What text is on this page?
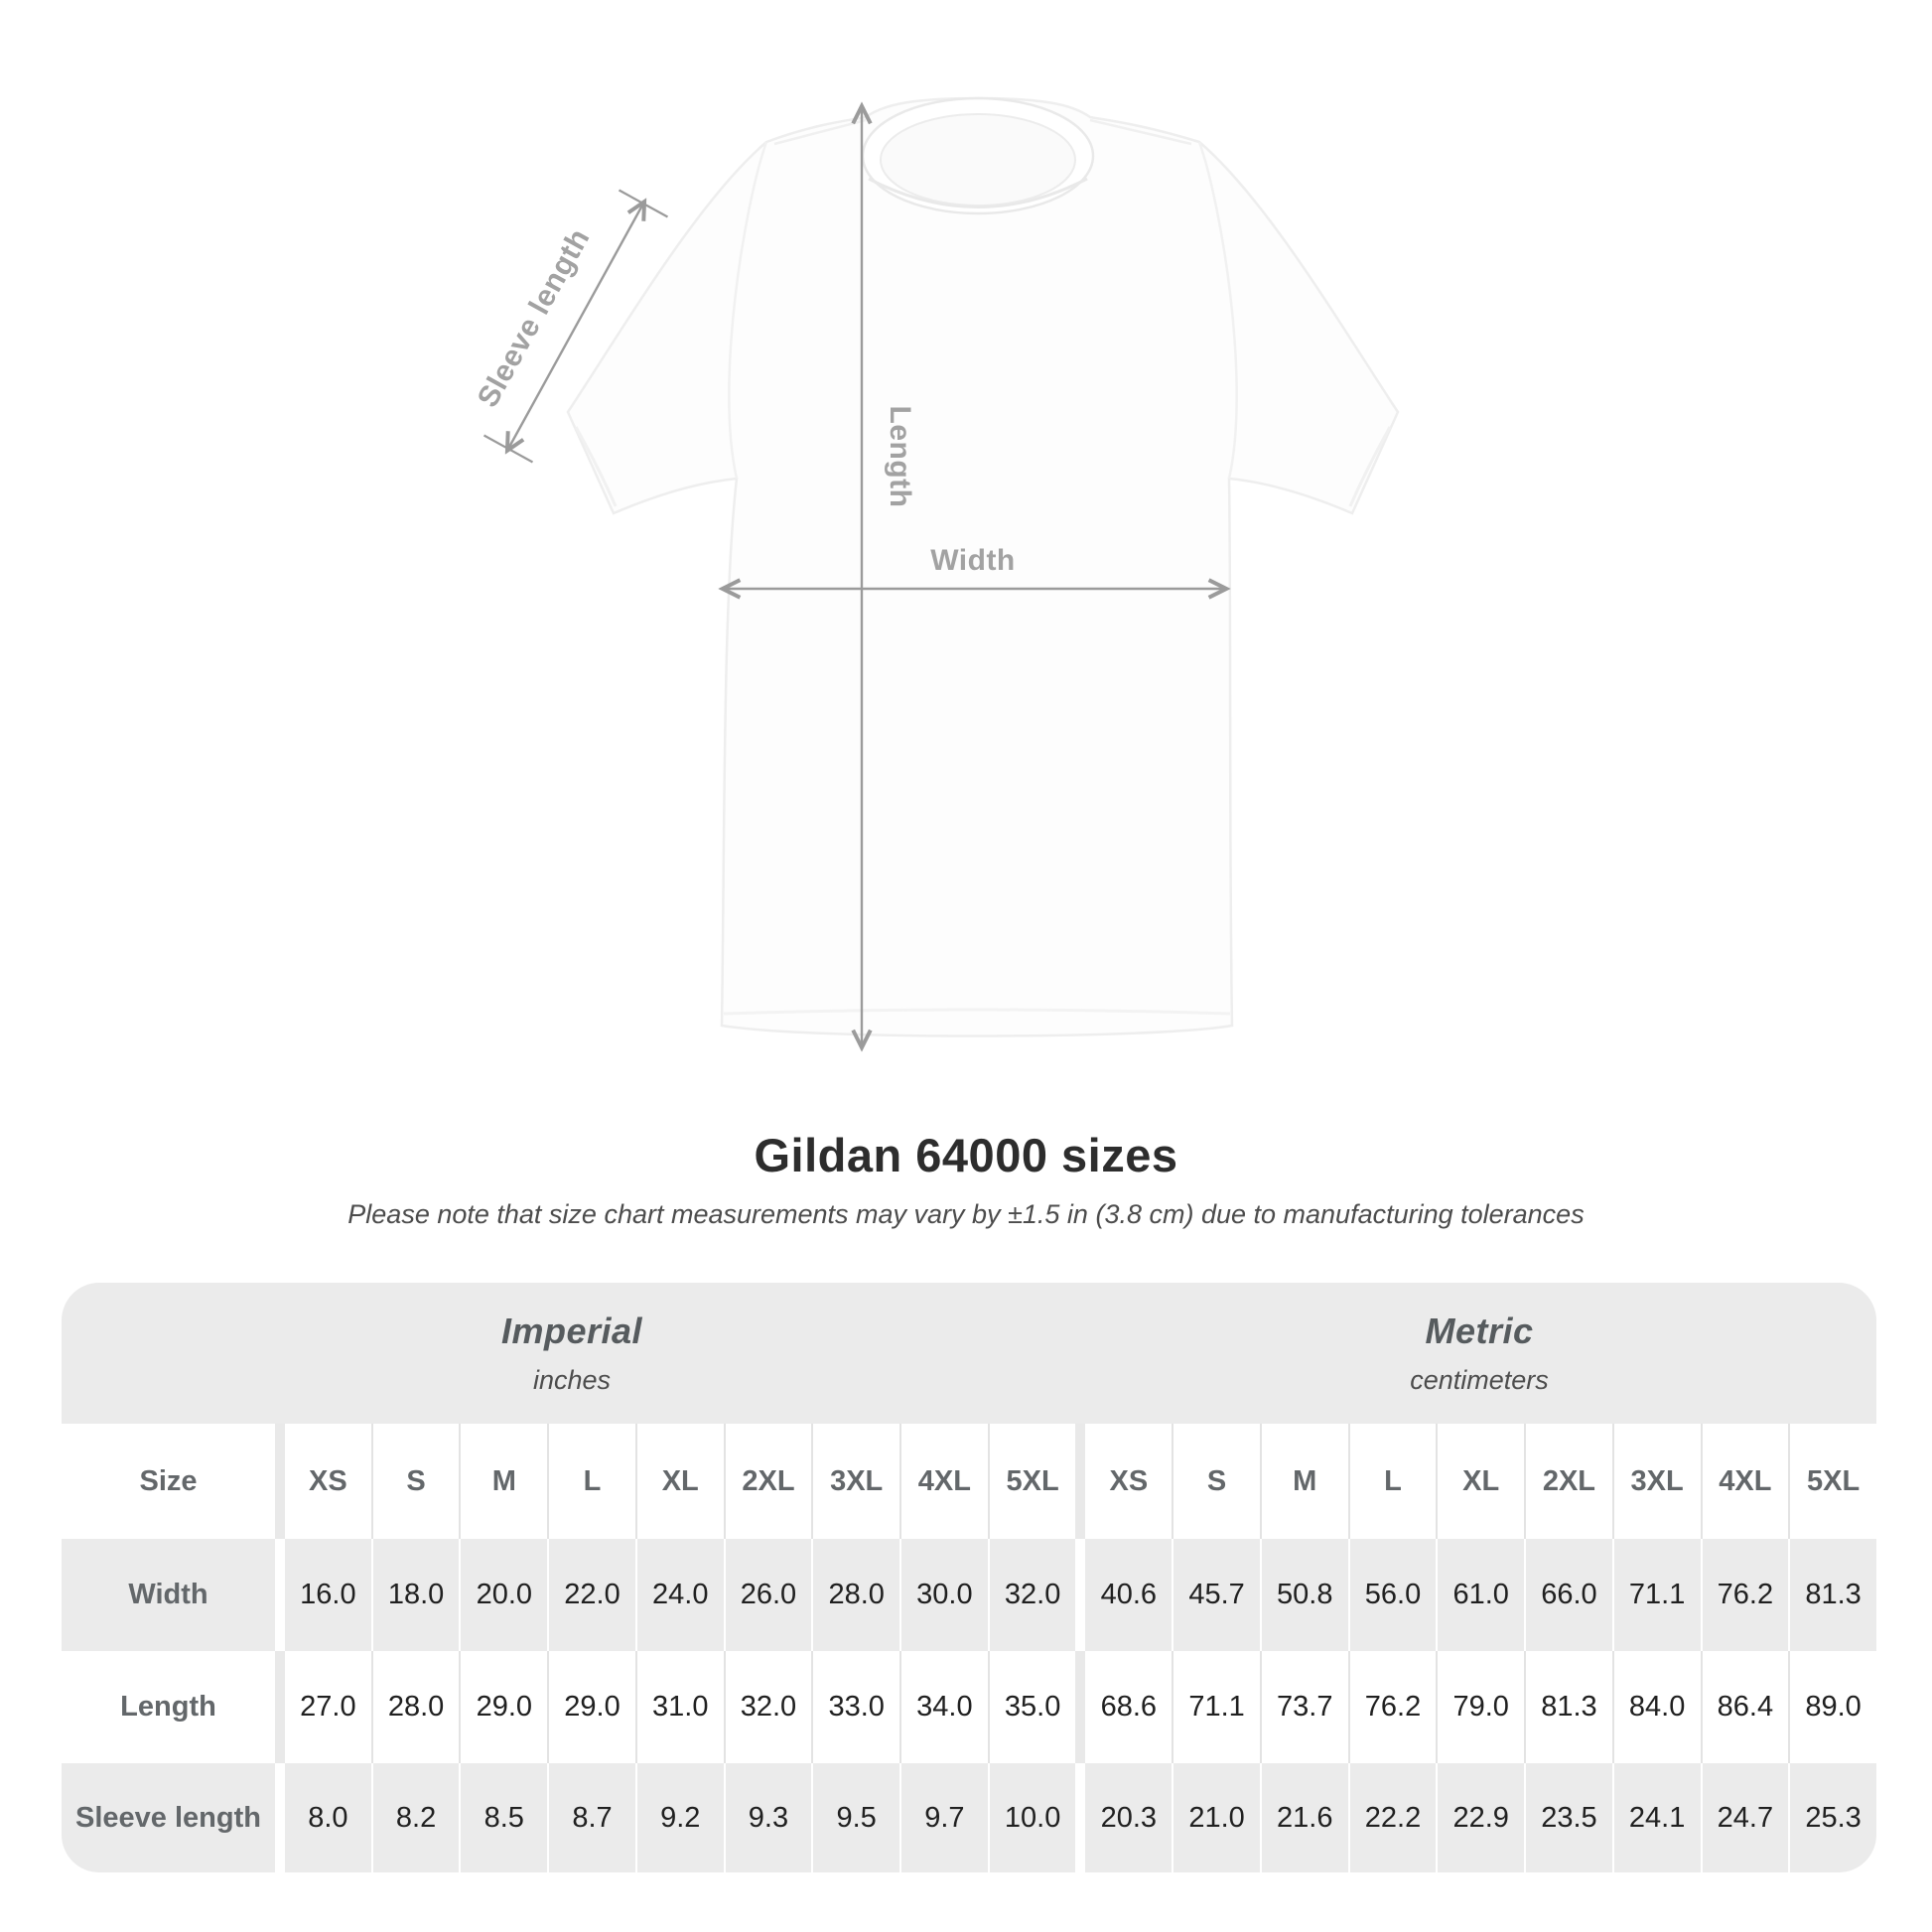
Width
Length
Sleeve length
Gildan 64000 sizes
Please note that size chart measurements may vary by ±1.5 in (3.8 cm) due to manufacturing tolerances
Imperial
inches
Metric
centimeters
Size	XS	S	M	L	XL	2XL	3XL	4XL	5XL	XS	S	M	L	XL	2XL	3XL	4XL	5XL
Width	16.0	18.0	20.0	22.0	24.0	26.0	28.0	30.0	32.0	40.6	45.7	50.8	56.0	61.0	66.0	71.1	76.2	81.3
Length	27.0	28.0	29.0	29.0	31.0	32.0	33.0	34.0	35.0	68.6	71.1	73.7	76.2	79.0	81.3	84.0	86.4	89.0
Sleeve length	8.0	8.2	8.5	8.7	9.2	9.3	9.5	9.7	10.0	20.3	21.0	21.6	22.2	22.9	23.5	24.1	24.7	25.3
